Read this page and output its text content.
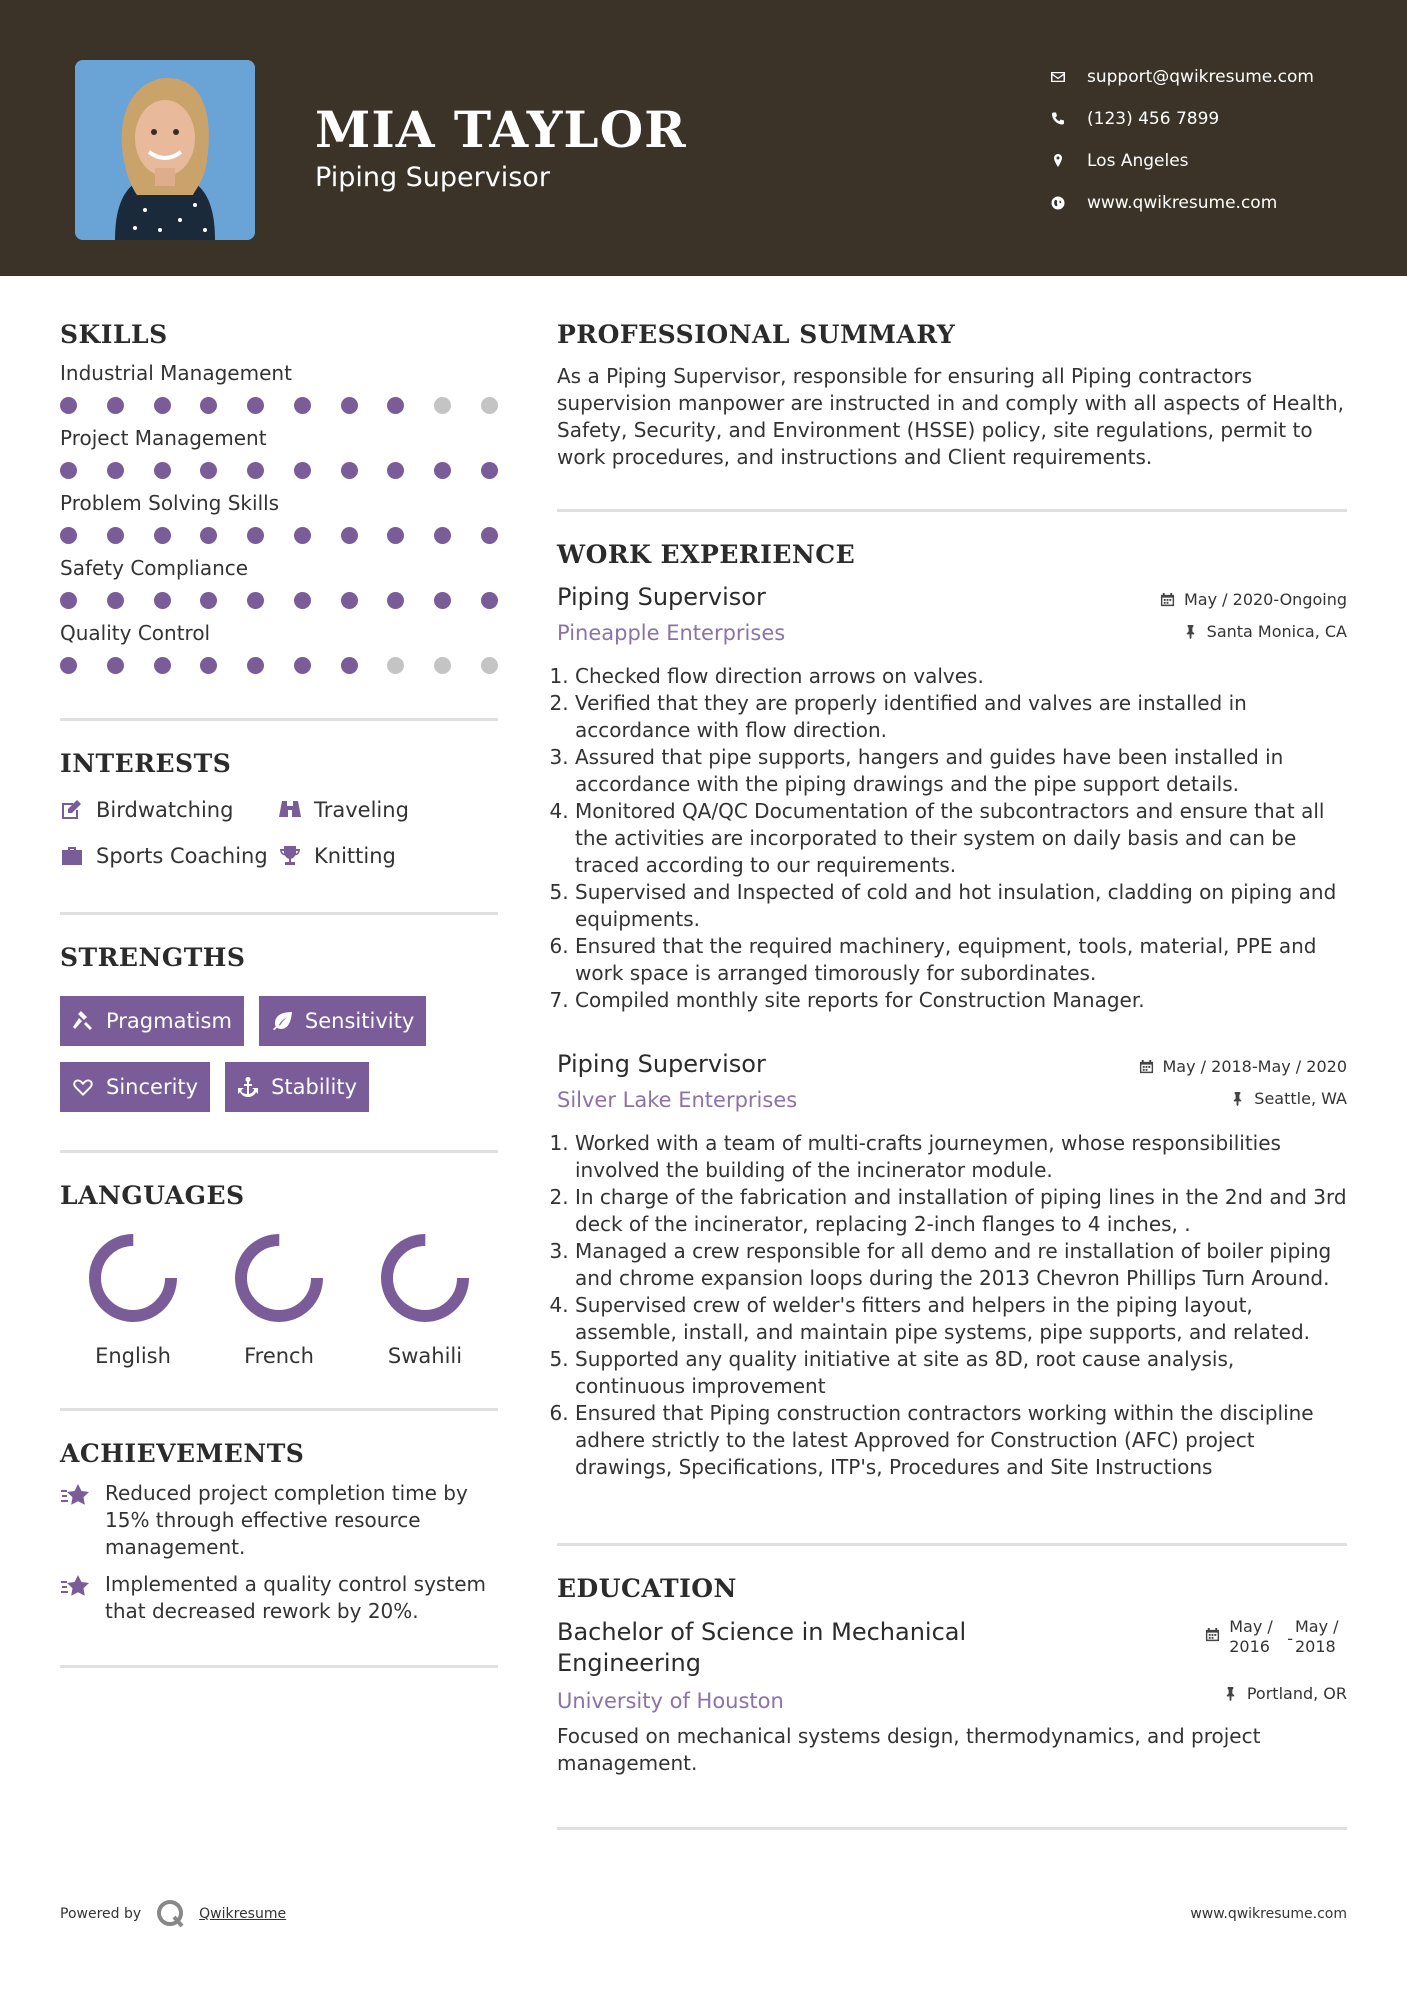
MIA TAYLOR
Piping Supervisor
support@qwikresume.com
(123) 456 7899
Los Angeles
www.qwikresume.com
SKILLS
Industrial Management
Project Management
Problem Solving Skills
Safety Compliance
Quality Control
INTERESTS
Birdwatching	Traveling
Sports Coaching Knitting
STRENGTHS
Pragmatism	Sensitivity
Sincerity	Stability
LANGUAGES
English	French	Swahili
ACHIEVEMENTS
Reduced project completion time by 15% through effective resource management.
Implemented a quality control system that decreased rework by 20%.
PROFESSIONAL SUMMARY
As a Piping Supervisor, responsible for ensuring all Piping contractors supervision manpower are instructed in and comply with all aspects of Health, Safety, Security, and Environment (HSSE) policy, site regulations, permit to work procedures, and instructions and Client requirements.
WORK EXPERIENCE
Piping Supervisor
Pineapple Enterprises
May / 2020-Ongoing
Santa Monica, CA
1. Checked flow direction arrows on valves.
2. Verified that they are properly identified and valves are installed in accordance with flow direction.
3. Assured that pipe supports, hangers and guides have been installed in accordance with the piping drawings and the pipe support details.
4. Monitored QA/QC Documentation of the subcontractors and ensure that all the activities are incorporated to their system on daily basis and can be traced according to our requirements.
5. Supervised and Inspected of cold and hot insulation, cladding on piping and equipments.
6. Ensured that the required machinery, equipment, tools, material, PPE and work space is arranged timorously for subordinates.
7. Compiled monthly site reports for Construction Manager.
Piping Supervisor
Silver Lake Enterprises
May / 2018-May / 2020
Seattle, WA
1. Worked with a team of multi-crafts journeymen, whose responsibilities involved the building of the incinerator module.
2. In charge of the fabrication and installation of piping lines in the 2nd and 3rd deck of the incinerator, replacing 2-inch flanges to 4 inches, .
3. Managed a crew responsible for all demo and re installation of boiler piping and chrome expansion loops during the 2013 Chevron Phillips Turn Around.
4. Supervised crew of welder's fitters and helpers in the piping layout, assemble, install, and maintain pipe systems, pipe supports, and related.
5. Supported any quality initiative at site as 8D, root cause analysis, continuous improvement
6. Ensured that Piping construction contractors working within the discipline adhere strictly to the latest Approved for Construction (AFC) project drawings, Specifications, ITP's, Procedures and Site Instructions
EDUCATION
Bachelor of Science in Mechanical Engineering
University of Houston
May / 2016	-
May / 2018
Portland, OR
Focused on mechanical systems design, thermodynamics, and project management.
Powered by	Qwikresume	www.qwikresume.com
